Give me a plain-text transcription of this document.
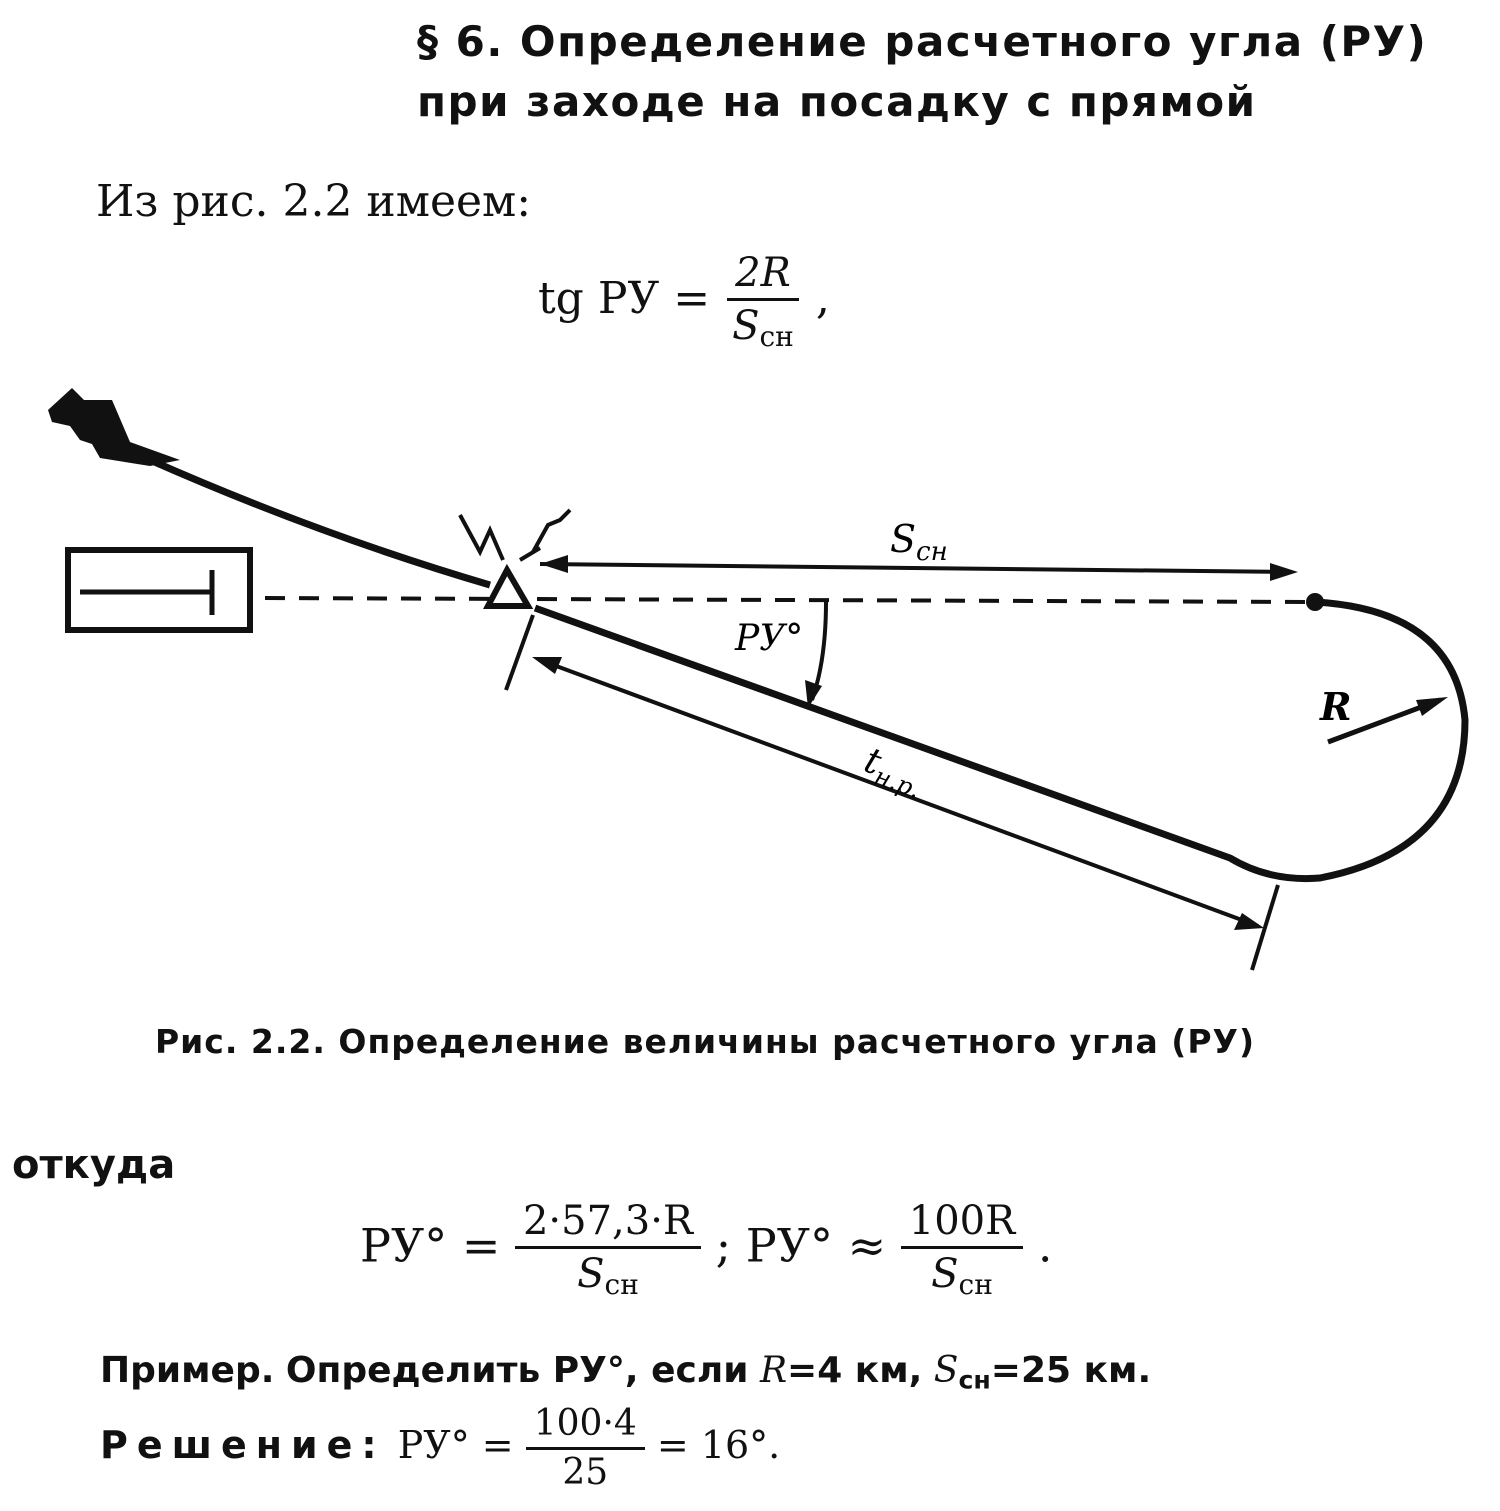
§ 6. Определение расчетного угла (РУ)
при заходе на посадку с прямой
Из рис. 2.2 имеем:
tg РУ = $\frac{2R}{S_{сн}}$ ,
$S_{сн}$
РУ°
R
$t_{н.р.}$
Рис. 2.2. Определение величины расчетного угла (РУ)
откуда
$РУ^\circ = \frac{2\cdot 57,3\cdot R}{S_{сн}}$ ; $РУ^\circ \approx \frac{100R}{S_{сн}}$ .
Пример. Определить РУ°, если R=4 км, $S_{сн}=25$ км.
Решение: $РУ^\circ = \frac{100\cdot 4}{25} = 16^\circ$.
